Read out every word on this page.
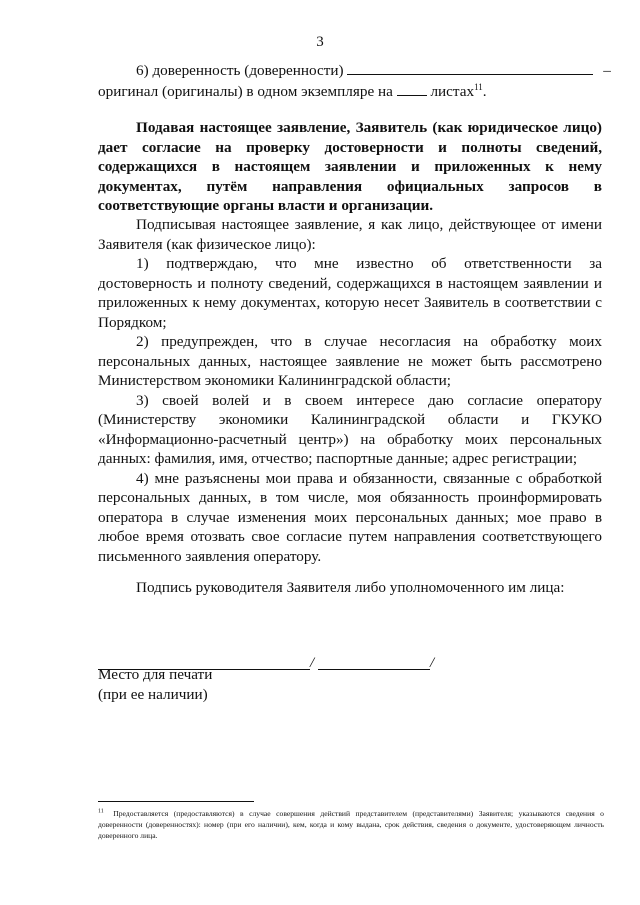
3
6) доверенность (доверенности)	–
оригинал (оригиналы) в одном экземпляре на листах$^{11}$.

Подавая настоящее заявление, Заявитель (как юридическое лицо) дает согласие на проверку достоверности и полноты сведений, содержащихся в настоящем заявлении и приложенных к нему документах, путём направления официальных запросов в соответствующие органы власти и организации.

Подписывая настоящее заявление, я как лицо, действующее от имени Заявителя (как физическое лицо):

1) подтверждаю, что мне известно об ответственности за достоверность и полноту сведений, содержащихся в настоящем заявлении и приложенных к нему документах, которую несет Заявитель в соответствии с Порядком;

2) предупрежден, что в случае несогласия на обработку моих персональных данных, настоящее заявление не может быть рассмотрено Министерством экономики Калининградской области;

3) своей волей и в своем интересе даю согласие оператору (Министерству экономики Калининградской области и ГКУКО «Информационно-расчетный центр») на обработку моих персональных данных: фамилия, имя, отчество; паспортные данные; адрес регистрации;

4) мне разъяснены мои права и обязанности, связанные с обработкой персональных данных, в том числе, моя обязанность проинформировать оператора в случае изменения моих персональных данных; мое право в любое время отозвать свое согласие путем направления соответствующего письменного заявления оператору.

Подпись руководителя Заявителя либо уполномоченного им лица:
/	/
Место для печати
(при ее наличии)
$^{11}$ Предоставляется (предоставляются) в случае совершения действий представителем (представителями) Заявителя; указываются сведения о доверенности (доверенностях): номер (при его наличии), кем, когда и кому выдана, срок действия, сведения о документе, удостоверяющем личность доверенного лица.
